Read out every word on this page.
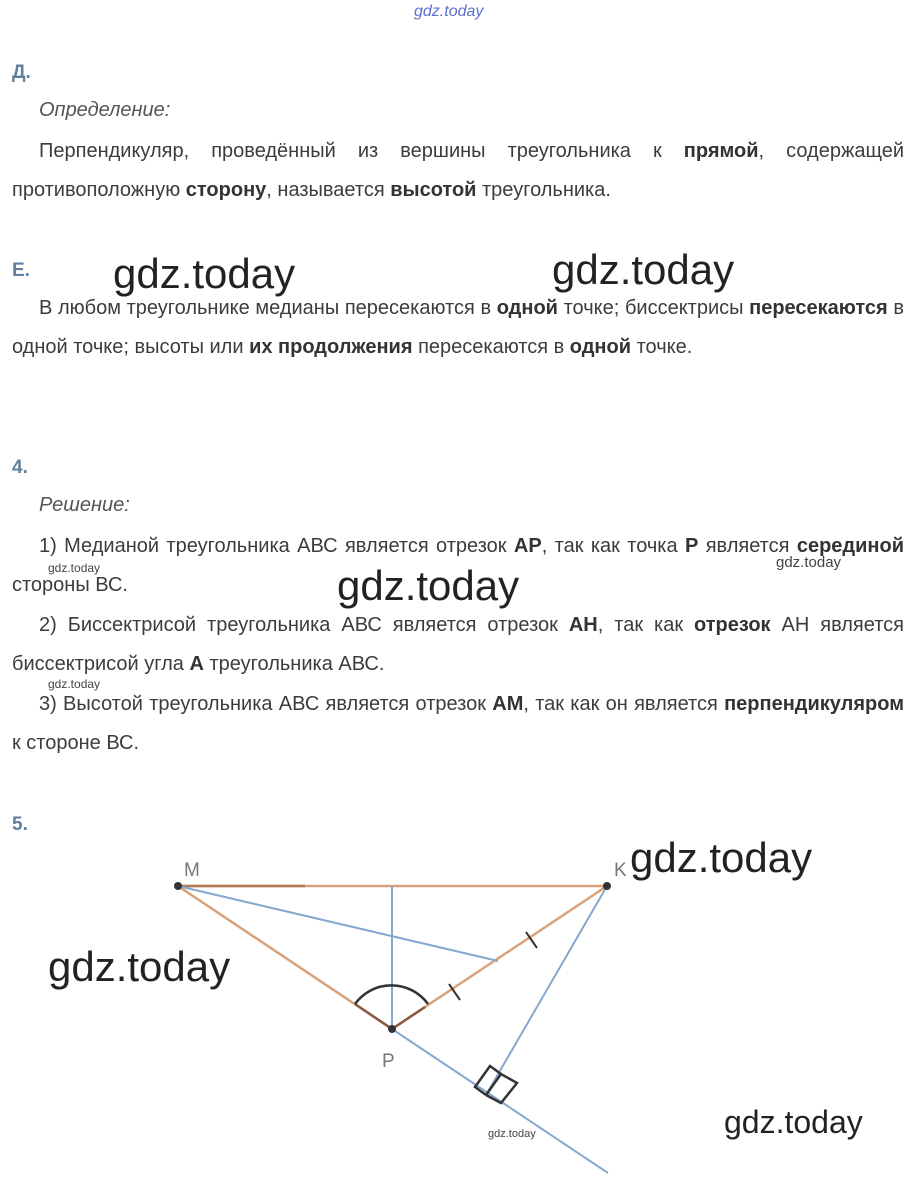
gdz.today
Д.
Определение:
Перпендикуляр, проведённый из вершины треугольника к прямой, содержащей противоположную сторону, называется высотой треугольника.
Е.
В любом треугольнике медианы пересекаются в одной точке; биссектрисы пересекаются в одной точке; высоты или их продолжения пересекаются в одной точке.
4.
Решение:
1) Медианой треугольника АВС является отрезок АР, так как точка Р является серединой стороны ВС.
2) Биссектрисой треугольника АВС является отрезок АН, так как отрезок АН является биссектрисой угла А треугольника АВС.
3) Высотой треугольника АВС является отрезок АМ, так как он является перпендикуляром к стороне ВС.
5.
M	K
P
gdz.today	gdz.today
gdz.today
gdz.today
gdz.today
gdz.today
gdz.today	gdz.today
gdz.today
gdz.today
